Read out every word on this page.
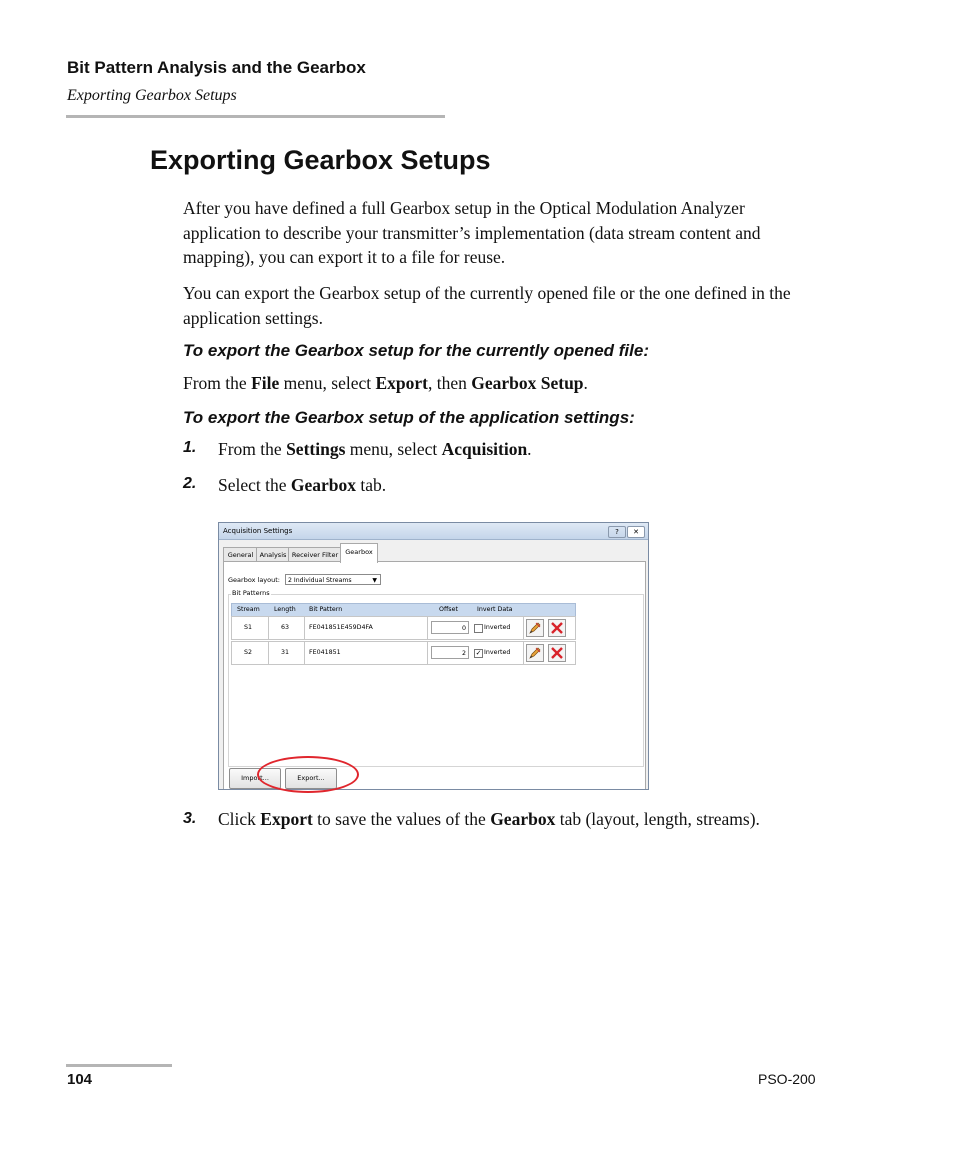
Bit Pattern Analysis and the Gearbox
Exporting Gearbox Setups
Exporting Gearbox Setups
After you have defined a full Gearbox setup in the Optical Modulation Analyzer application to describe your transmitter’s implementation (data stream content and mapping), you can export it to a file for reuse.
You can export the Gearbox setup of the currently opened file or the one defined in the application settings.
To export the Gearbox setup for the currently opened file:
From the File menu, select Export, then Gearbox Setup.
To export the Gearbox setup of the application settings:
1. From the Settings menu, select Acquisition.
2. Select the Gearbox tab.
Acquisition Settings	?	✕
General Analysis Receiver Filter	Gearbox
Gearbox layout:	2 Individual Streams	▼
Bit Patterns
Stream Length Bit Pattern	Offset	Invert Data
S1	63	FE041851E459D4FA	0	Inverted
S2	31	FE041851	2	✓ Inverted
Import...	Export...
3. Click Export to save the values of the Gearbox tab (layout, length, streams).
104	PSO-200
